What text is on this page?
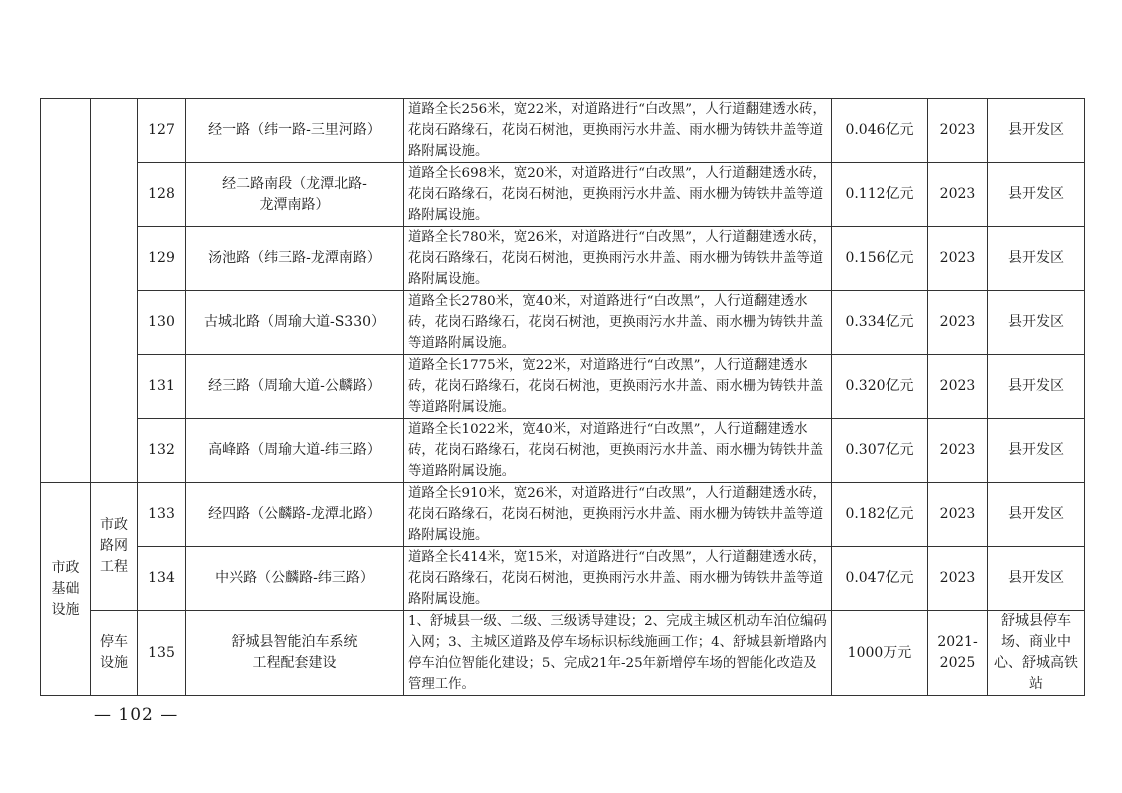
		127	经一路（纬一路-三里河路）	道路全长256米，宽22米，对道路进行“白改黑”，人行道翻建透水砖，花岗石路缘石，花岗石树池，更换雨污水井盖、雨水栅为铸铁井盖等道路附属设施。	0.046亿元	2023	县开发区
		128	经二路南段（龙潭北路-龙潭南路）	道路全长698米，宽20米，对道路进行“白改黑”，人行道翻建透水砖，花岗石路缘石，花岗石树池，更换雨污水井盖、雨水栅为铸铁井盖等道路附属设施。	0.112亿元	2023	县开发区
		129	汤池路（纬三路-龙潭南路）	道路全长780米，宽26米，对道路进行“白改黑”，人行道翻建透水砖，花岗石路缘石，花岗石树池，更换雨污水井盖、雨水栅为铸铁井盖等道路附属设施。	0.156亿元	2023	县开发区
		130	古城北路（周瑜大道-S330）	道路全长2780米，宽40米，对道路进行“白改黑”，人行道翻建透水砖，花岗石路缘石，花岗石树池，更换雨污水井盖、雨水栅为铸铁井盖等道路附属设施。	0.334亿元	2023	县开发区
		131	经三路（周瑜大道-公麟路）	道路全长1775米，宽22米，对道路进行“白改黑”，人行道翻建透水砖，花岗石路缘石，花岗石树池，更换雨污水井盖、雨水栅为铸铁井盖等道路附属设施。	0.320亿元	2023	县开发区
		132	高峰路（周瑜大道-纬三路）	道路全长1022米，宽40米，对道路进行“白改黑”，人行道翻建透水砖，花岗石路缘石，花岗石树池，更换雨污水井盖、雨水栅为铸铁井盖等道路附属设施。	0.307亿元	2023	县开发区
市政基础设施	市政路网工程	133	经四路（公麟路-龙潭北路）	道路全长910米，宽26米，对道路进行“白改黑”，人行道翻建透水砖，花岗石路缘石，花岗石树池，更换雨污水井盖、雨水栅为铸铁井盖等道路附属设施。	0.182亿元	2023	县开发区
		134	中兴路（公麟路-纬三路）	道路全长414米，宽15米，对道路进行“白改黑”，人行道翻建透水砖，花岗石路缘石，花岗石树池，更换雨污水井盖、雨水栅为铸铁井盖等道路附属设施。	0.047亿元	2023	县开发区
	停车设施	135	舒城县智能泊车系统工程配套建设	1、舒城县一级、二级、三级诱导建设；2、完成主城区机动车泊位编码入网；3、主城区道路及停车场标识标线施画工作；4、舒城县新增路内停车泊位智能化建设；5、完成21年-25年新增停车场的智能化改造及管理工作。	1000万元	2021-2025	舒城县停车场、商业中心、舒城高铁站
— 102 —
